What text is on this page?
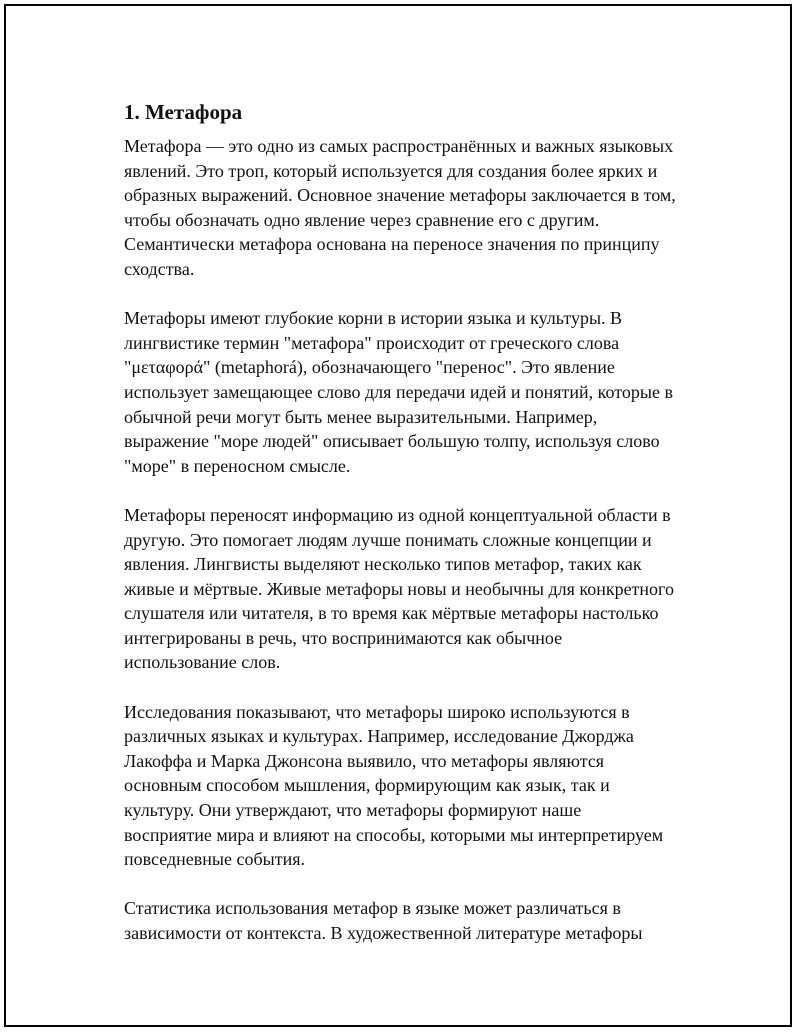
1. Метафора
Метафора — это одно из самых распространённых и важных языковых
явлений. Это троп, который используется для создания более ярких и
образных выражений. Основное значение метафоры заключается в том,
чтобы обозначать одно явление через сравнение его с другим.
Семантически метафора основана на переносе значения по принципу
сходства.
Метафоры имеют глубокие корни в истории языка и культуры. В
лингвистике термин "метафора" происходит от греческого слова
"μεταφορά" (metaphorá), обозначающего "перенос". Это явление
использует замещающее слово для передачи идей и понятий, которые в
обычной речи могут быть менее выразительными. Например,
выражение "море людей" описывает большую толпу, используя слово
"море" в переносном смысле.
Метафоры переносят информацию из одной концептуальной области в
другую. Это помогает людям лучше понимать сложные концепции и
явления. Лингвисты выделяют несколько типов метафор, таких как
живые и мёртвые. Живые метафоры новы и необычны для конкретного
слушателя или читателя, в то время как мёртвые метафоры настолько
интегрированы в речь, что воспринимаются как обычное
использование слов.
Исследования показывают, что метафоры широко используются в
различных языках и культурах. Например, исследование Джорджа
Лакоффа и Марка Джонсона выявило, что метафоры являются
основным способом мышления, формирующим как язык, так и
культуру. Они утверждают, что метафоры формируют наше
восприятие мира и влияют на способы, которыми мы интерпретируем
повседневные события.
Статистика использования метафор в языке может различаться в
зависимости от контекста. В художественной литературе метафоры
